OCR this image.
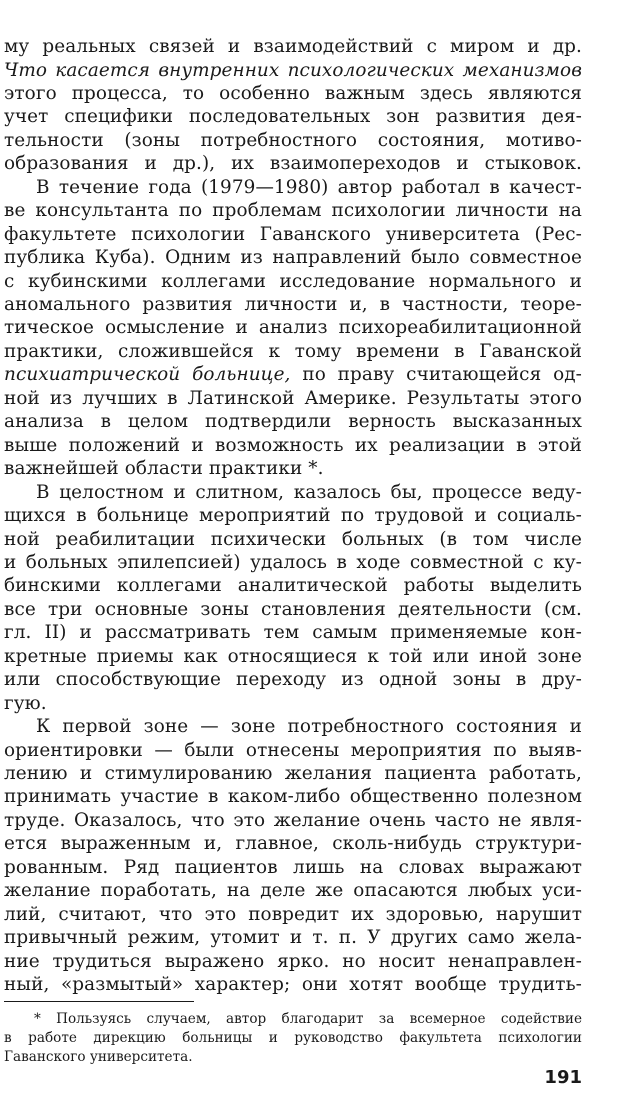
му реальных связей и взаимодействий с миром и др.
Что касается внутренних психологических механизмов
этого процесса, то особенно важным здесь являются
учет специфики последовательных зон развития дея-
тельности (зоны потребностного состояния, мотиво-
образования и др.), их взаимопереходов и стыковок.
В течение года (1979—1980) автор работал в качест-
ве консультанта по проблемам психологии личности на
факультете психологии Гаванского университета (Рес-
публика Куба). Одним из направлений было совместное
с кубинскими коллегами исследование нормального и
аномального развития личности и, в частности, теоре-
тическое осмысление и анализ психореабилитационной
практики, сложившейся к тому времени в Гаванской
психиатрической больнице, по праву считающейся од-
ной из лучших в Латинской Америке. Результаты этого
анализа в целом подтвердили верность высказанных
выше положений и возможность их реализации в этой
важнейшей области практики *.
В целостном и слитном, казалось бы, процессе веду-
щихся в больнице мероприятий по трудовой и социаль-
ной реабилитации психически больных (в том числе
и больных эпилепсией) удалось в ходе совместной с ку-
бинскими коллегами аналитической работы выделить
все три основные зоны становления деятельности (см.
гл. II) и рассматривать тем самым применяемые кон-
кретные приемы как относящиеся к той или иной зоне
или способствующие переходу из одной зоны в дру-
гую.
К первой зоне — зоне потребностного состояния и
ориентировки — были отнесены мероприятия по выяв-
лению и стимулированию желания пациента работать,
принимать участие в каком-либо общественно полезном
труде. Оказалось, что это желание очень часто не явля-
ется выраженным и, главное, сколь-нибудь структури-
рованным. Ряд пациентов лишь на словах выражают
желание поработать, на деле же опасаются любых уси-
лий, считают, что это повредит их здоровью, нарушит
привычный режим, утомит и т. п. У других само жела-
ние трудиться выражено ярко. но носит ненаправлен-
ный, «размытый» характер; они хотят вообще трудить-
* Пользуясь случаем, автор благодарит за всемерное содействие
в работе дирекцию больницы и руководство факультета психологии
Гаванского университета.
191
